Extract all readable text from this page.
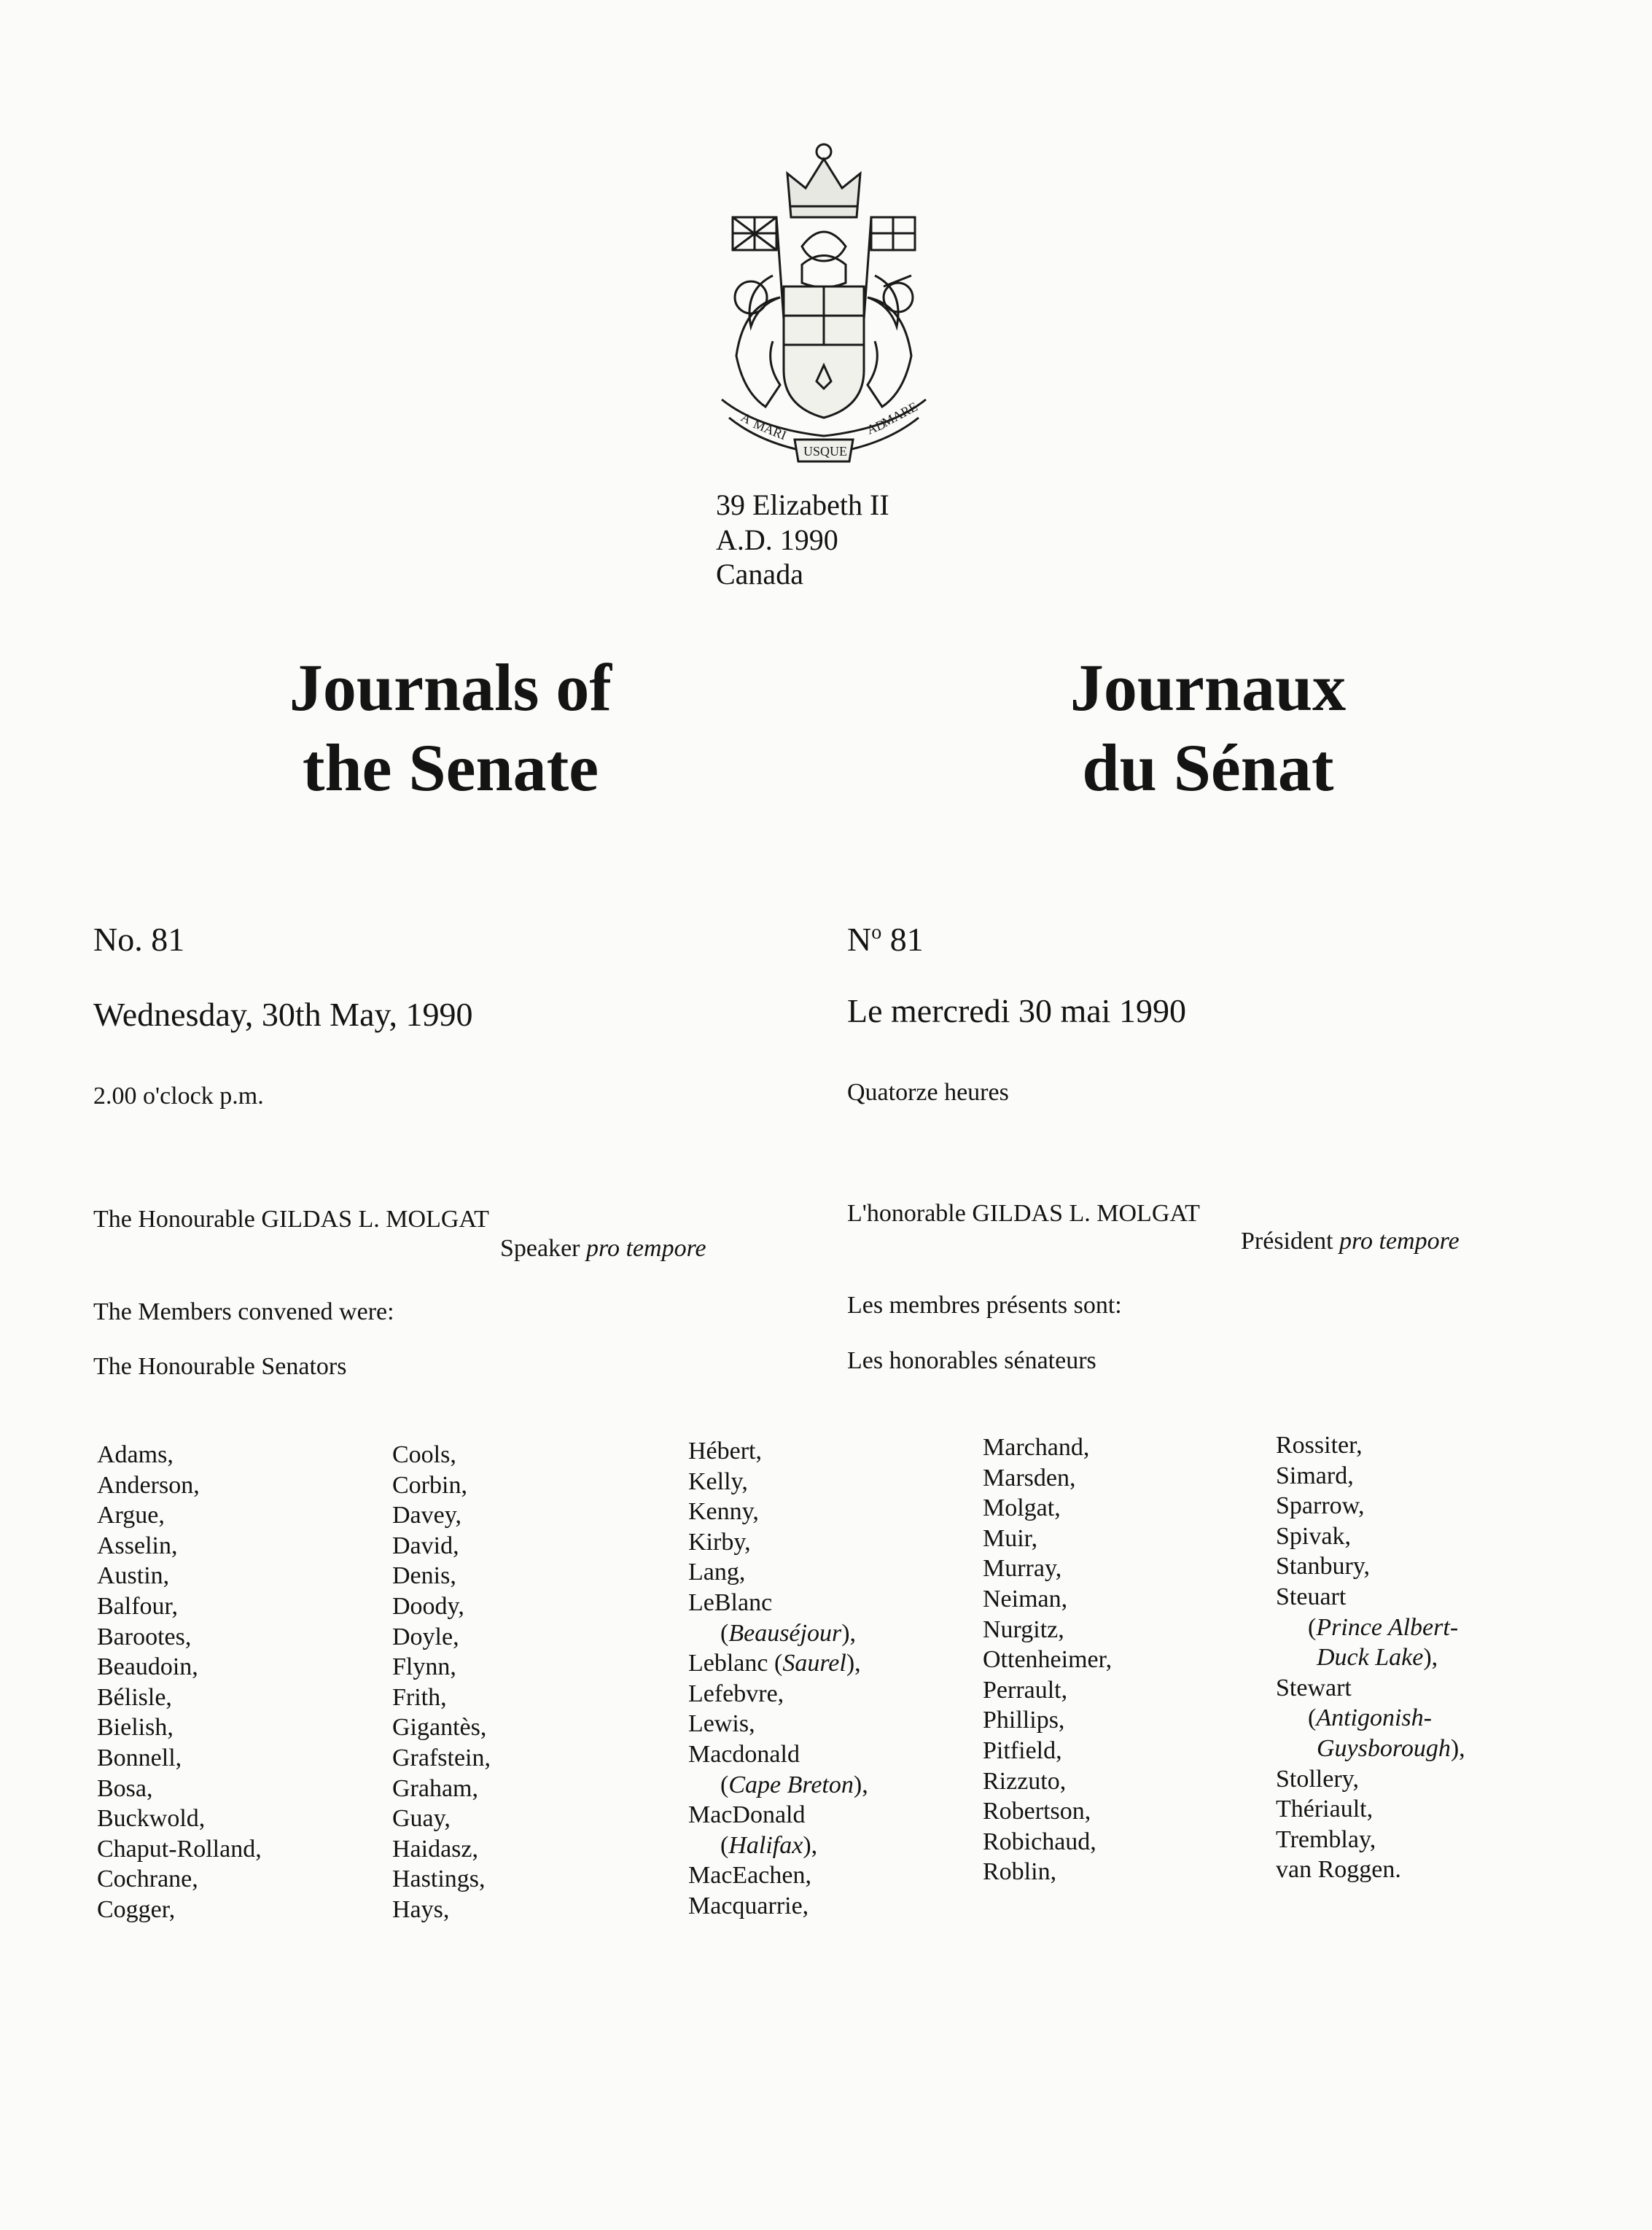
A
MARI
USQUE
AD
MARE
39 Elizabeth II
A.D. 1990
Canada
Journals of
the Senate
Journaux
du Sénat
No. 81	$N^o$ 81
Wednesday, 30th May, 1990	Le mercredi 30 mai 1990
2.00 o'clock p.m.	Quatorze heures
The Honourable GILDAS L. MOLGAT
Speaker pro tempore
L'honorable GILDAS L. MOLGAT
Président pro tempore
The Members convened were:	Les membres présents sont:
The Honourable Senators	Les honorables sénateurs
Adams,
Anderson,
Argue,
Asselin,
Austin,
Balfour,
Barootes,
Beaudoin,
Bélisle,
Bielish,
Bonnell,
Bosa,
Buckwold,
Chaput-Rolland,
Cochrane,
Cogger,
Cools,
Corbin,
Davey,
David,
Denis,
Doody,
Doyle,
Flynn,
Frith,
Gigantès,
Grafstein,
Graham,
Guay,
Haidasz,
Hastings,
Hays,
Hébert,
Kelly,
Kenny,
Kirby,
Lang,
LeBlanc
(Beauséjour),
Leblanc (Saurel),
Lefebvre,
Lewis,
Macdonald
(Cape Breton),
MacDonald
(Halifax),
MacEachen,
Macquarrie,
Marchand,
Marsden,
Molgat,
Muir,
Murray,
Neiman,
Nurgitz,
Ottenheimer,
Perrault,
Phillips,
Pitfield,
Rizzuto,
Robertson,
Robichaud,
Roblin,
Rossiter,
Simard,
Sparrow,
Spivak,
Stanbury,
Steuart
(Prince Albert-
Duck Lake),
Stewart
(Antigonish-
Guysborough),
Stollery,
Thériault,
Tremblay,
van Roggen.
